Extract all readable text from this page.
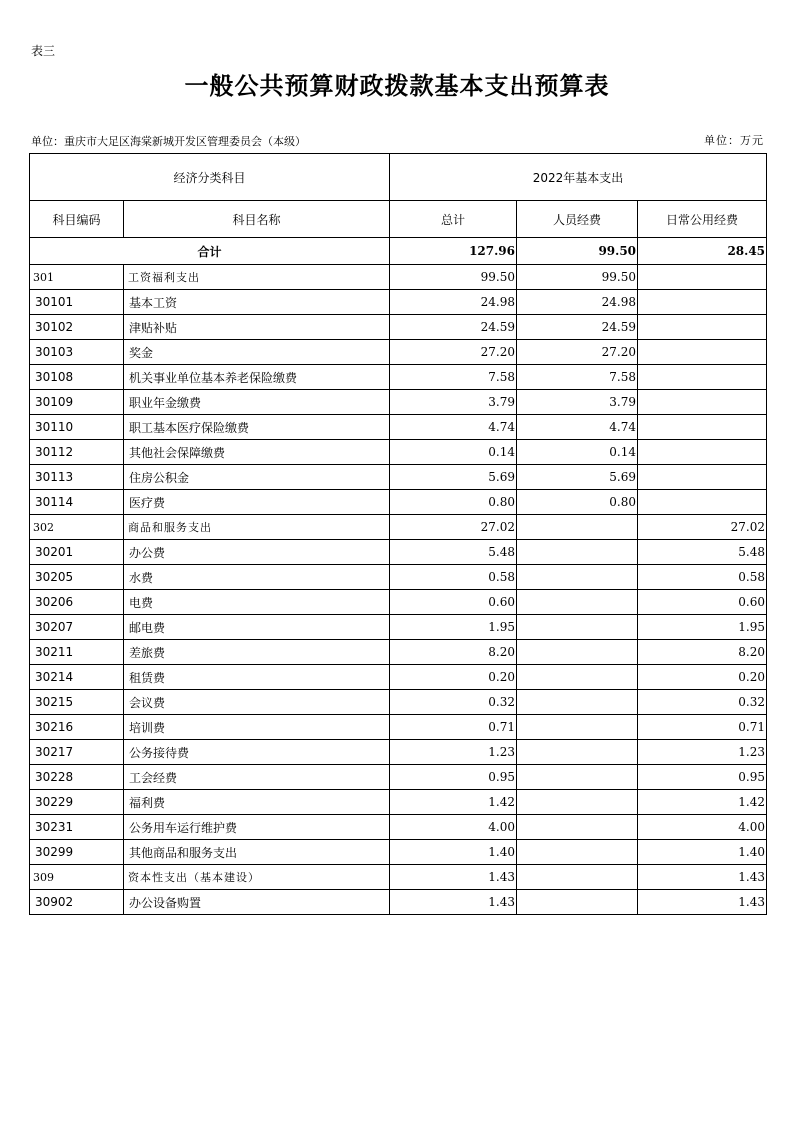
表三
一般公共预算财政拨款基本支出预算表
单位：重庆市大足区海棠新城开发区管理委员会（本级）	单位：万元
经济分类科目		2022年基本支出		
科目编码	科目名称	总计	人员经费	日常公用经费
合计		127.96	99.50	28.45
301	工资福利支出	99.50	99.50	
30101	基本工资	24.98	24.98	
30102	津贴补贴	24.59	24.59	
30103	奖金	27.20	27.20	
30108	机关事业单位基本养老保险缴费	7.58	7.58	
30109	职业年金缴费	3.79	3.79	
30110	职工基本医疗保险缴费	4.74	4.74	
30112	其他社会保障缴费	0.14	0.14	
30113	住房公积金	5.69	5.69	
30114	医疗费	0.80	0.80	
302	商品和服务支出	27.02		27.02
30201	办公费	5.48		5.48
30205	水费	0.58		0.58
30206	电费	0.60		0.60
30207	邮电费	1.95		1.95
30211	差旅费	8.20		8.20
30214	租赁费	0.20		0.20
30215	会议费	0.32		0.32
30216	培训费	0.71		0.71
30217	公务接待费	1.23		1.23
30228	工会经费	0.95		0.95
30229	福利费	1.42		1.42
30231	公务用车运行维护费	4.00		4.00
30299	其他商品和服务支出	1.40		1.40
309	资本性支出（基本建设）	1.43		1.43
30902	办公设备购置	1.43		1.43
